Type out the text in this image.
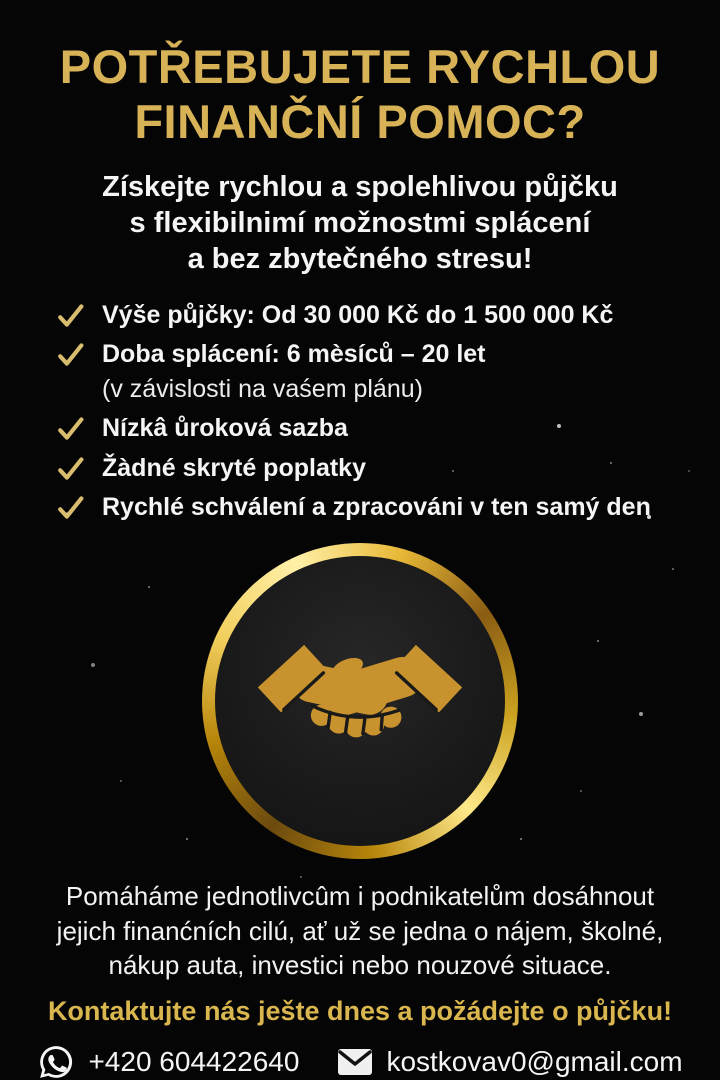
POTŘEBUJETE RYCHLOU
FINANČNÍ POMOC?
Získejte rychlou a spolehlivou půjčku
s flexibilnimí možnostmi splácení
a bez zbytečného stresu!
Výše půjčky: Od 30 000 Kč do 1 500 000 Kč
Doba splácení: 6 mèsíců – 20 let
(v závislosti na vaśem plánu)
Nízkâ ůroková sazba
Žàdné skryté poplatky
Rychlé schválení a zpracováni v ten samý den
Pomáháme jednotlivcûm i podnikatelům dosáhnout
jejich finanćních cilú, ať už se jedna o nájem, školné,
nákup auta, investici nebo nouzové situace.
Kontaktujte nás ješte dnes a požádejte o půjčku!
+420 604422640	kostkovav0@gmail.com
